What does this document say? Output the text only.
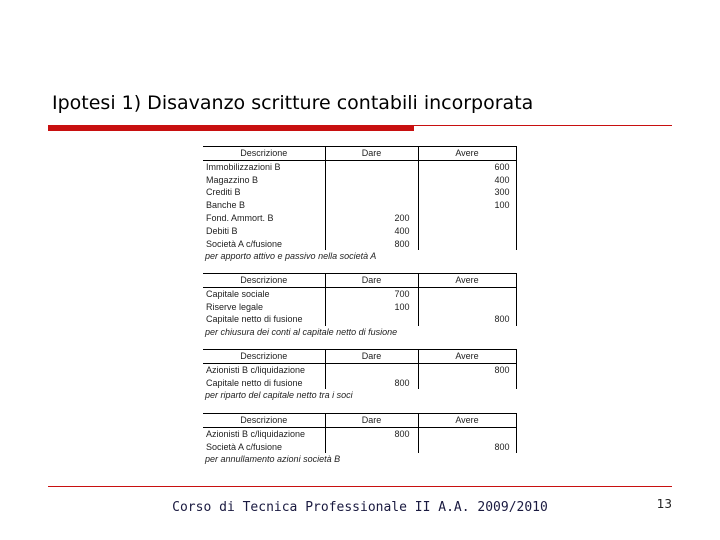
Ipotesi 1) Disavanzo scritture contabili incorporata
Descrizione	Dare	Avere
Immobilizzazioni B		600
Magazzino B		400
Crediti B		300
Banche B		100
Fond. Ammort. B	200	
Debiti B	400	
Società A c/fusione	800	
per apporto attivo e passivo nella società A
Descrizione	Dare	Avere
Capitale sociale	700	
Riserve legale	100	
Capitale netto di fusione		800
per chiusura dei conti al capitale netto di fusione
Descrizione	Dare	Avere
Azionisti B c/liquidazione		800
Capitale netto di fusione	800	
per riparto del capitale netto tra i soci
Descrizione	Dare	Avere
Azionisti B c/liquidazione	800	
Società A c/fusione		800
per annullamento azioni società B
Corso di Tecnica Professionale II A.A. 2009/2010	13
